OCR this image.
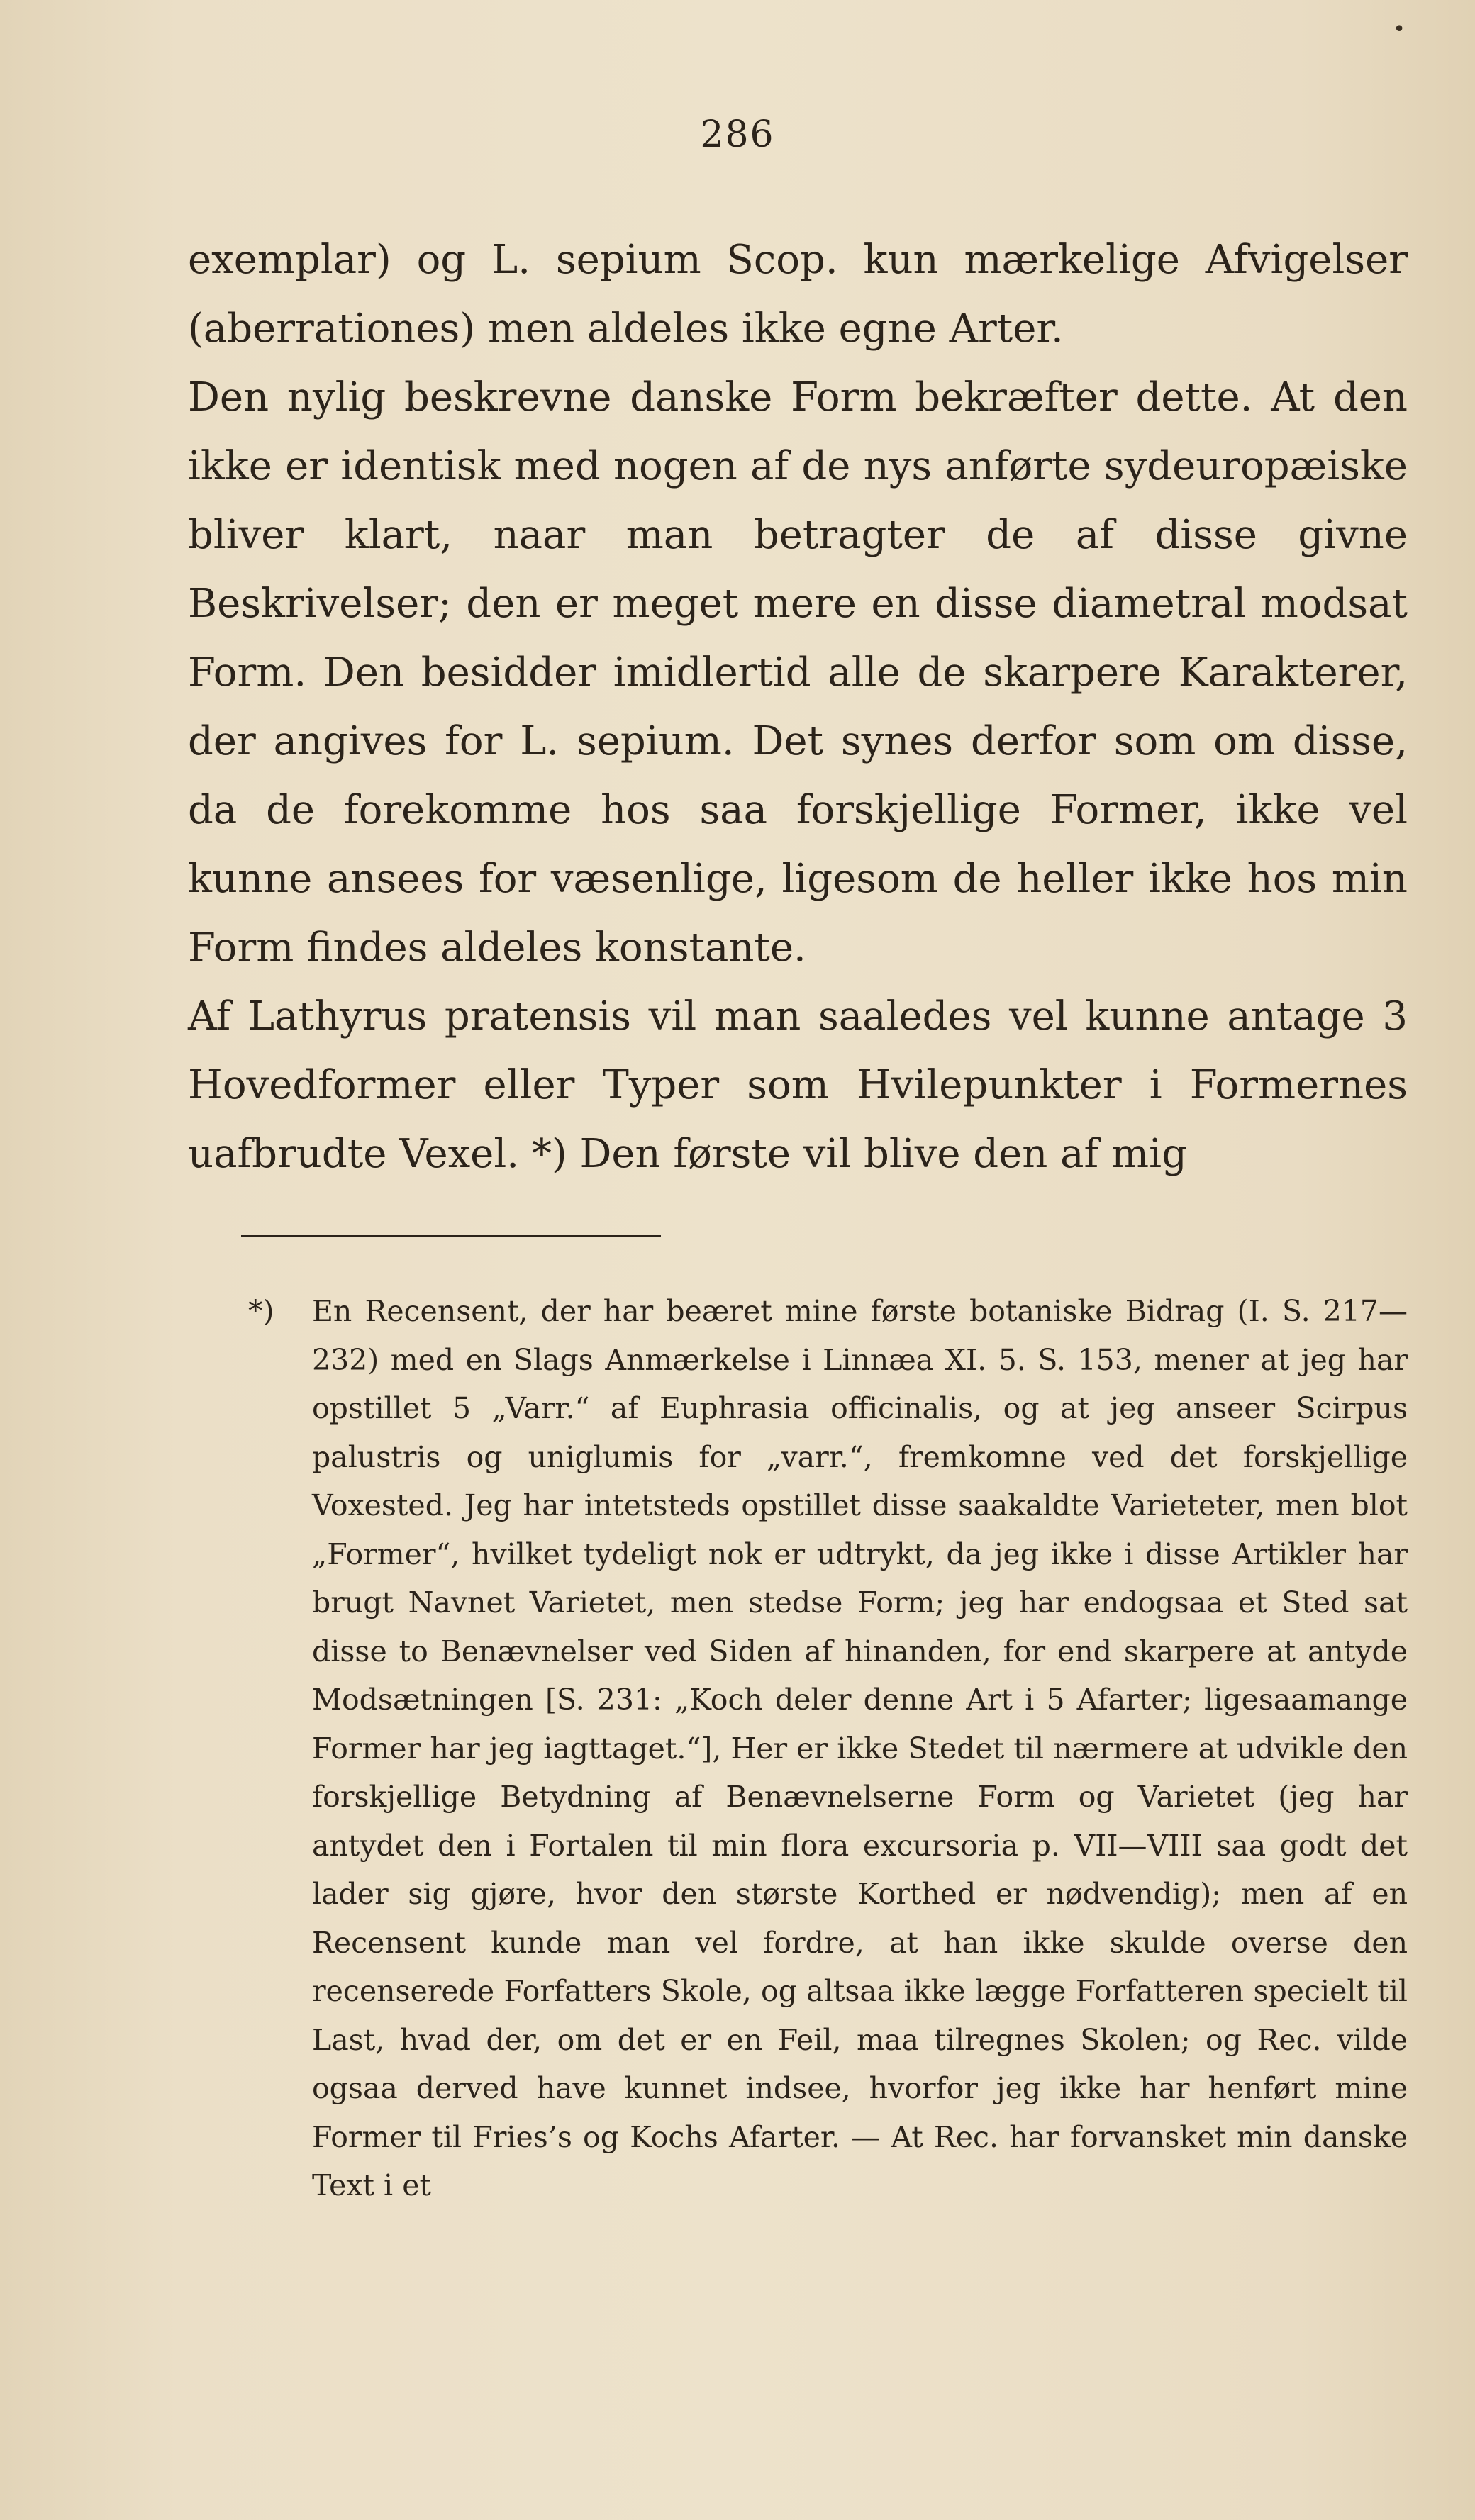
•
286

exemplar) og L. sepium Scop. kun mærkelige Afvigelser (aberrationes) men aldeles ikke egne Arter.

Den nylig beskrevne danske Form bekræfter dette. At den ikke er identisk med nogen af de nys anførte sydeuropæiske bliver klart, naar man betragter de af disse givne Beskrivelser; den er meget mere en disse diametral modsat Form. Den besidder imidlertid alle de skarpere Karakterer, der angives for L. sepium. Det synes derfor som om disse, da de forekomme hos saa forskjellige Former, ikke vel kunne ansees for væsenlige, ligesom de heller ikke hos min Form findes aldeles konstante.

Af Lathyrus pratensis vil man saaledes vel kunne antage 3 Hovedformer eller Typer som Hvilepunkter i Formernes uafbrudte Vexel. *) Den første vil blive den af mig

*) En Recensent, der har beæret mine første botaniske Bidrag (I. S. 217—232) med en Slags Anmærkelse i Linnæa XI. 5. S. 153, mener at jeg har opstillet 5 „Varr.“ af Euphrasia officinalis, og at jeg anseer Scirpus palustris og uniglumis for „varr.“, fremkomne ved det forskjellige Voxested. Jeg har intetsteds opstillet disse saakaldte Varieteter, men blot „Former“, hvilket tydeligt nok er udtrykt, da jeg ikke i disse Artikler har brugt Navnet Varietet, men stedse Form; jeg har endogsaa et Sted sat disse to Benævnelser ved Siden af hinanden, for end skarpere at antyde Modsætningen [S. 231: „Koch deler denne Art i 5 Afarter; ligesaamange Former har jeg iagttaget.“], Her er ikke Stedet til nærmere at udvikle den forskjellige Betydning af Benævnelserne Form og Varietet (jeg har antydet den i Fortalen til min flora excursoria p. VII—VIII saa godt det lader sig gjøre, hvor den største Korthed er nødvendig); men af en Recensent kunde man vel fordre, at han ikke skulde overse den recenserede Forfatters Skole, og altsaa ikke lægge Forfatteren specielt til Last, hvad der, om det er en Feil, maa tilregnes Skolen; og Rec. vilde ogsaa derved have kunnet indsee, hvorfor jeg ikke har henført mine Former til Fries’s og Kochs Afarter. — At Rec. har forvansket min danske Text i et
